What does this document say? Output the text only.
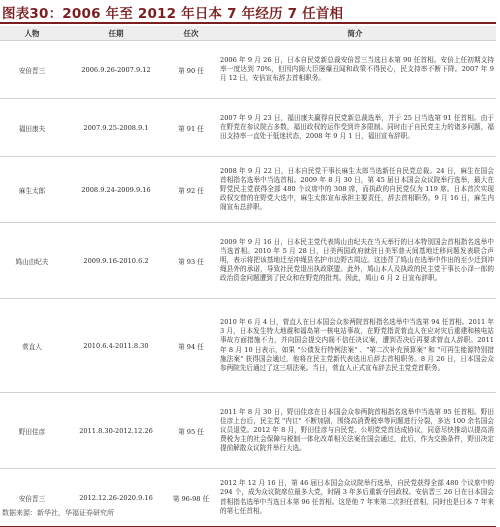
图表30：2006 年至 2012 年日本 7 年经历 7 任首相
人物	任期	任次	简介
安倍晋三	2006.9.26-2007.9.12	第 90 任	2006 年 9 月 26 日，日本自民党新总裁安倍晋三当选日本第 90 任首相。安倍上任初期支持率一度达到 70%，但因内阁大臣屡爆丑闻和政策不得民心，民支持率不断下降。2007 年 9 月 12 日，安倍宣布辞去首相职务。
福田康夫	2007.9.25-2008.9.1	第 91 任	2007 年 9 月 23 日，福田康夫赢得自民党新总裁选举，并于 25 日当选第 91 任首相。由于在野党在参议院占多数，福田政权的运作受到许多限制。同时由于自民党主力的诸多问题，福田支持率一直处于低迷状态，2008 年 9 月 1 日，福田宣布辞职。
麻生太郎	2008.9.24-2009.9.16	第 92 任	2008 年 9 月 22 日，日本自民党干事长麻生太郎当选新任自民党总裁。24 日，麻生在国会首相指名选举中当选首相。2009 年 8 月 30 日，第 45 届日本国会众议院举行选举，最大在野党民主党获得全部 480 个议席中的 308 席，而执政的自民党仅为 119 席。日本首次实现政权交替的在野党大选中，麻生太郎宣布承担主要责任，辞去首相职务。9 月 16 日，麻生内阁宣布总辞职。
鸠山由纪夫	2009.9.16-2010.6.2	第 93 任	2009 年 9 月 16 日，日本民主党代表鸠山由纪夫在当天举行的日本特别国会首相指名选举中当选首相。2010 年 5 月 28 日，日美两国政府就驻日美军普天间基地迁移问题发表联合声明，表示将把该基地迁至冲绳县名护市边野古周边。这违背了鸠山在选举中作出的至少迁到冲绳县外的承诺，导致社民党退出执政联盟。此外，鸠山本人及执政的民主党干事长小泽一郎的政治资金问题遭到了民众和在野党的批判。因此，鸠山 6 月 2 日宣布辞职。
菅直人	2010.6.4-2011.8.30	第 94 任	2010 年 6 月 4 日，菅直人在日本国会众参两院首相指名选举中当选第 94 任首相。2011 年 3 月，日本发生特大地震和福岛第一核电站事故，在野党指责菅直人在应对灾后重建和核电站事故方面措施不力，并向国会提交内阁不信任决议案，遭到否决后再要求菅直人辞职。2011 年 8 月 10 日表示，如果 "公债发行特例法案" 、"第二次补充预算案" 和 "可再生能源特别措施法案" 获得国会通过，他将在民主党新代表选出后辞去首相职务。8 月 26 日，日本国会众参两院先后通过了这三项法案。当日，菅直人正式宣布辞去民主党党首职务。
野田佳彦	2011.8.30-2012.12.26	第 95 任	2011 年 8 月 30 日，野田佳彦在日本国会众参两院首相指名选举中当选第 95 任首相。野田佳彦上台后，民主党 "内讧" 不断加剧，围绕高消费税率等问题进行分裂，多达 100 余名国会议员退党。2012 年 8 月，野田佳彦与自民党、公明党党首达成协议，同意尽快推动以提高消费税为主的社会保障与税制一体化改革相关法案在国会通过，此后，作为交换条件，野田决定提前解散众议院并举行大选。
安倍晋三	2012.12.26-2020.9.16	第 96-98 任	2012 年 12 月 16 日，第 46 届日本国会众议院举行选举，自民党获得全部 480 个议席中的 294 个，成为众议院席位最多大党，时隔 3 年多后重新夺回政权。安倍晋三 26 日在日本国会首相指名选举中当选日本第 96 任首相。这是他 7 年来第二次担任首相，同时也是日本 7 年来的第七任首相。
数据来源：新华社，华福证券研究所
